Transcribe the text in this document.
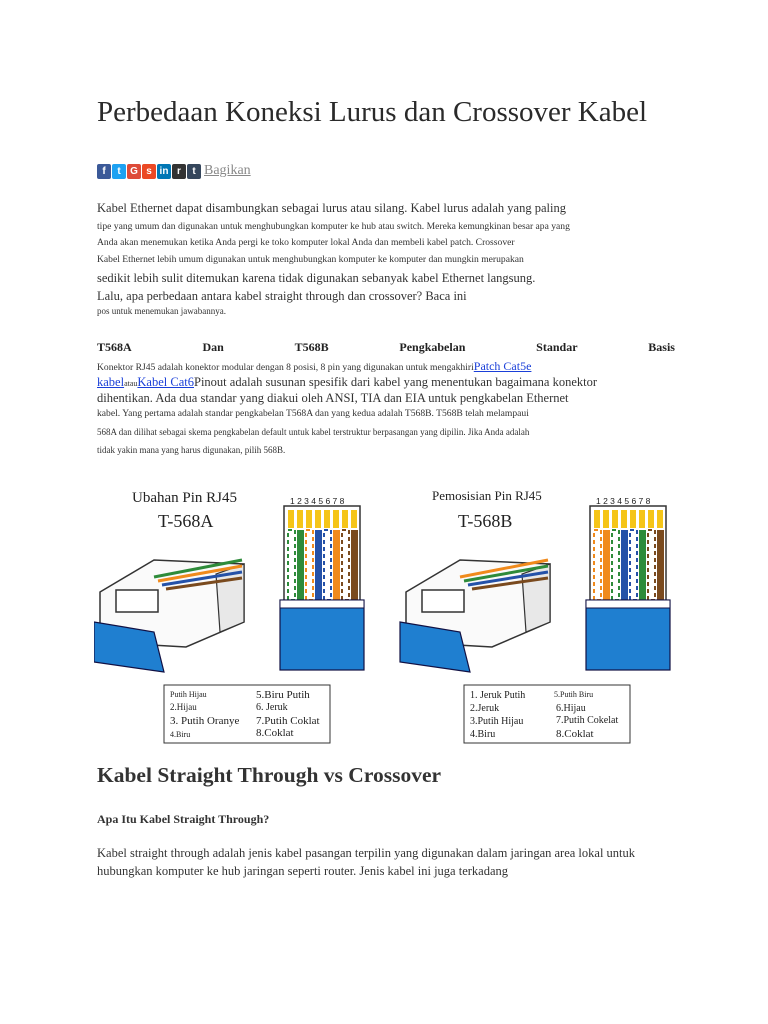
Perbedaan Koneksi Lurus dan Crossover Kabel
f	t G s in r	t Bagikan

Kabel Ethernet dapat disambungkan sebagai lurus atau silang. Kabel lurus adalah yang paling

tipe yang umum dan digunakan untuk menghubungkan komputer ke hub atau switch. Mereka kemungkinan besar apa yang

Anda akan menemukan ketika Anda pergi ke toko komputer lokal Anda dan membeli kabel patch. Crossover

Kabel Ethernet lebih umum digunakan untuk menghubungkan komputer ke komputer dan mungkin merupakan

sedikit lebih sulit ditemukan karena tidak digunakan sebanyak kabel Ethernet langsung.

Lalu, apa perbedaan antara kabel straight through dan crossover? Baca ini

pos untuk menemukan jawabannya.

T568A	Dan	T568B	Pengkabelan	Standar	Basis

Konektor RJ45 adalah konektor modular dengan 8 posisi, 8 pin yang digunakan untuk mengakhiriPatch Cat5e

kabelatauKabel Cat6Pinout adalah susunan spesifik dari kabel yang menentukan bagaimana konektor

dihentikan. Ada dua standar yang diakui oleh ANSI, TIA dan EIA untuk pengkabelan Ethernet

kabel. Yang pertama adalah standar pengkabelan T568A dan yang kedua adalah T568B. T568B telah melampaui

568A dan dilihat sebagai skema pengkabelan default untuk kabel terstruktur berpasangan yang dipilin. Jika Anda adalah

tidak yakin mana yang harus digunakan, pilih 568B.

Ubahan Pin RJ45
T-568A
1 2 3 4 5 6 7 8
Putih Hijau
2.Hijau
3. Putih Oranye
4.Biru
5.Biru Putih
6. Jeruk
7.Putih Coklat
8.Coklat
Pemosisian Pin RJ45
T-568B
1 2 3 4 5 6 7 8
1. Jeruk Putih
2.Jeruk
3.Putih Hijau
4.Biru
5.Putih Biru
6.Hijau
7.Putih Cokelat
8.Coklat
Kabel Straight Through vs Crossover
Apa Itu Kabel Straight Through?

Kabel straight through adalah jenis kabel pasangan terpilin yang digunakan dalam jaringan area lokal untuk

hubungkan komputer ke hub jaringan seperti router. Jenis kabel ini juga terkadang
